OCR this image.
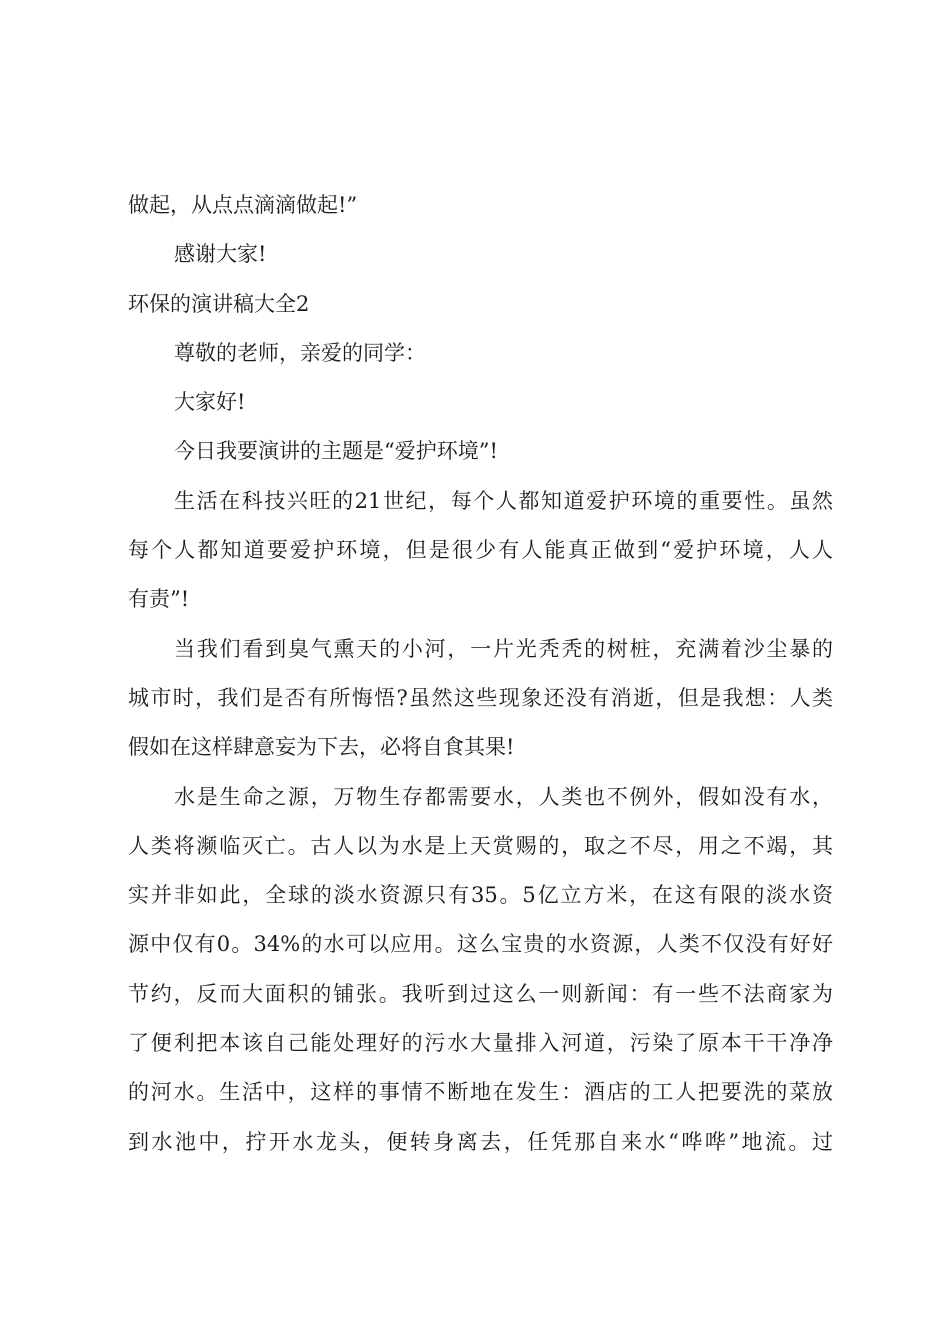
做起，从点点滴滴做起!”
感谢大家!
环保的演讲稿大全2
尊敬的老师，亲爱的同学：
大家好!
今日我要演讲的主题是“爱护环境”!
生活在科技兴旺的21世纪，每个人都知道爱护环境的重要性。虽然
每个人都知道要爱护环境，但是很少有人能真正做到“爱护环境，人人
有责”!
当我们看到臭气熏天的小河，一片光秃秃的树桩，充满着沙尘暴的
城市时，我们是否有所悔悟?虽然这些现象还没有消逝，但是我想：人类
假如在这样肆意妄为下去，必将自食其果!
水是生命之源，万物生存都需要水，人类也不例外，假如没有水，
人类将濒临灭亡。古人以为水是上天赏赐的，取之不尽，用之不竭，其
实并非如此，全球的淡水资源只有35。5亿立方米，在这有限的淡水资
源中仅有0。34%的水可以应用。这么宝贵的水资源，人类不仅没有好好
节约，反而大面积的铺张。我听到过这么一则新闻：有一些不法商家为
了便利把本该自己能处理好的污水大量排入河道，污染了原本干干净净
的河水。生活中，这样的事情不断地在发生：酒店的工人把要洗的菜放
到水池中，拧开水龙头，便转身离去，任凭那自来水“哗哗”地流。过
